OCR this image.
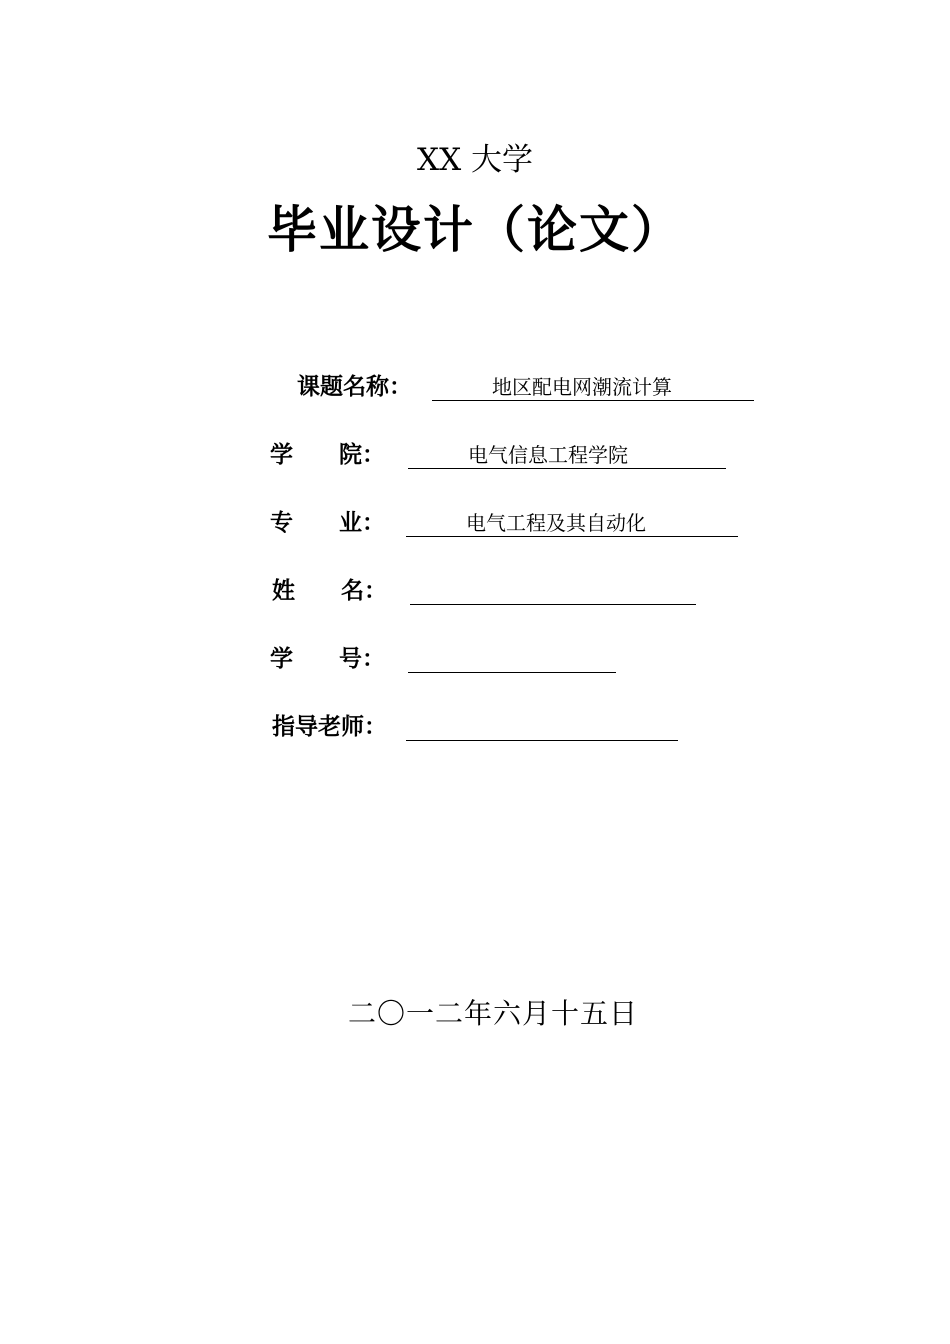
XX 大学
毕业设计（论文）
课题名称：	地区配电网潮流计算
学　　院：	电气信息工程学院
专　　业：	电气工程及其自动化
姓　　名：
学　　号：
指导老师：
二〇一二年六月十五日
